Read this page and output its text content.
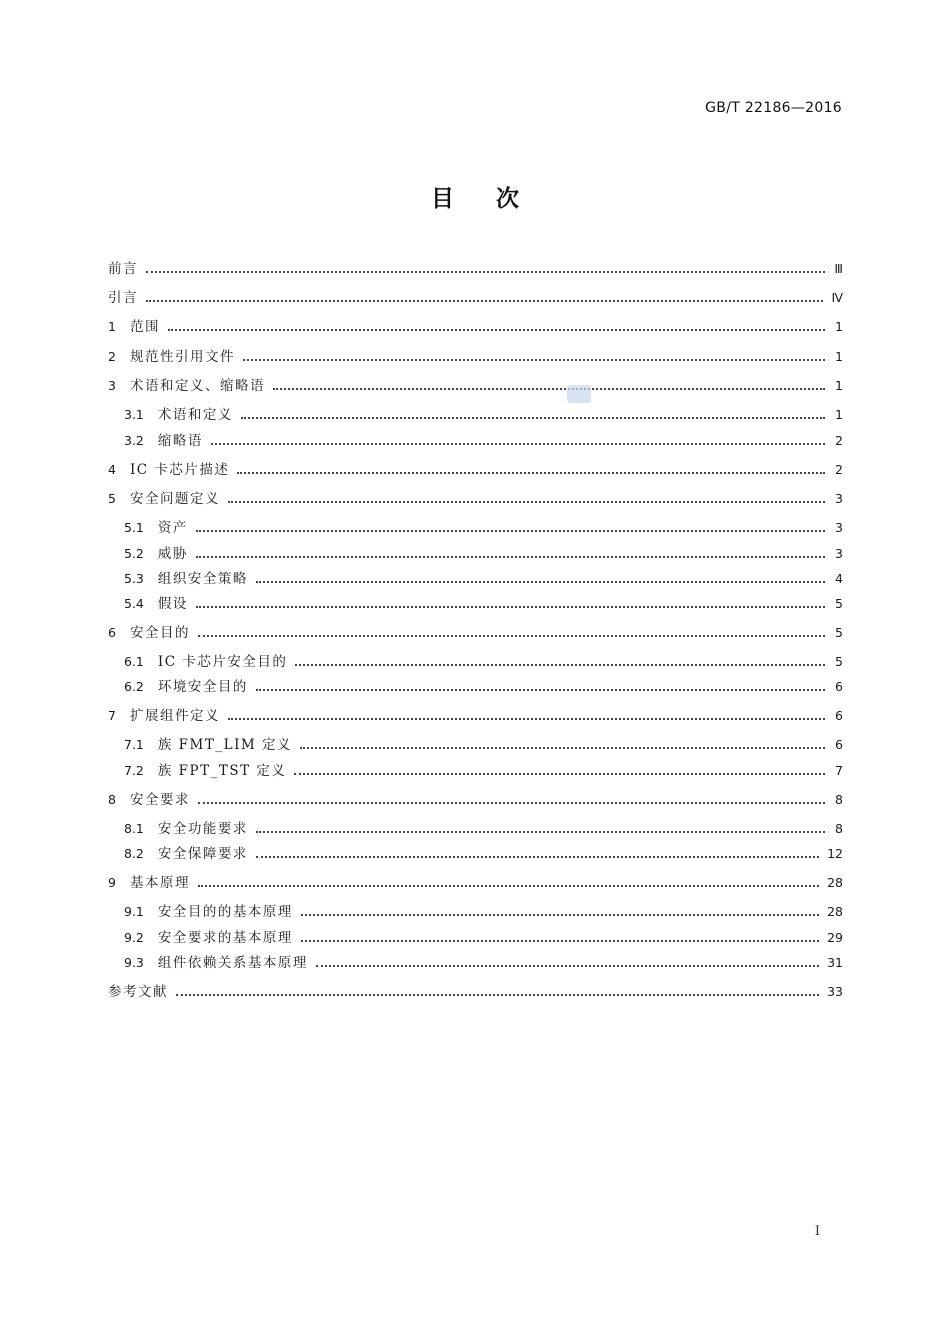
GB/T 22186—2016
目次
前言	Ⅲ
引言	Ⅳ
1 范围	1
2 规范性引用文件	1
3 术语和定义、缩略语	1
3.1 术语和定义	1
3.2 缩略语	2
4 IC 卡芯片描述	2
5 安全问题定义	3
5.1 资产	3
5.2 威胁	3
5.3 组织安全策略	4
5.4 假设	5
6 安全目的	5
6.1 IC 卡芯片安全目的	5
6.2 环境安全目的	6
7 扩展组件定义	6
7.1 族 FMT_LIM 定义	6
7.2 族 FPT_TST 定义	7
8 安全要求	8
8.1 安全功能要求	8
8.2 安全保障要求	12
9 基本原理	28
9.1 安全目的的基本原理	28
9.2 安全要求的基本原理	29
9.3 组件依赖关系基本原理	31
参考文献	33
I
